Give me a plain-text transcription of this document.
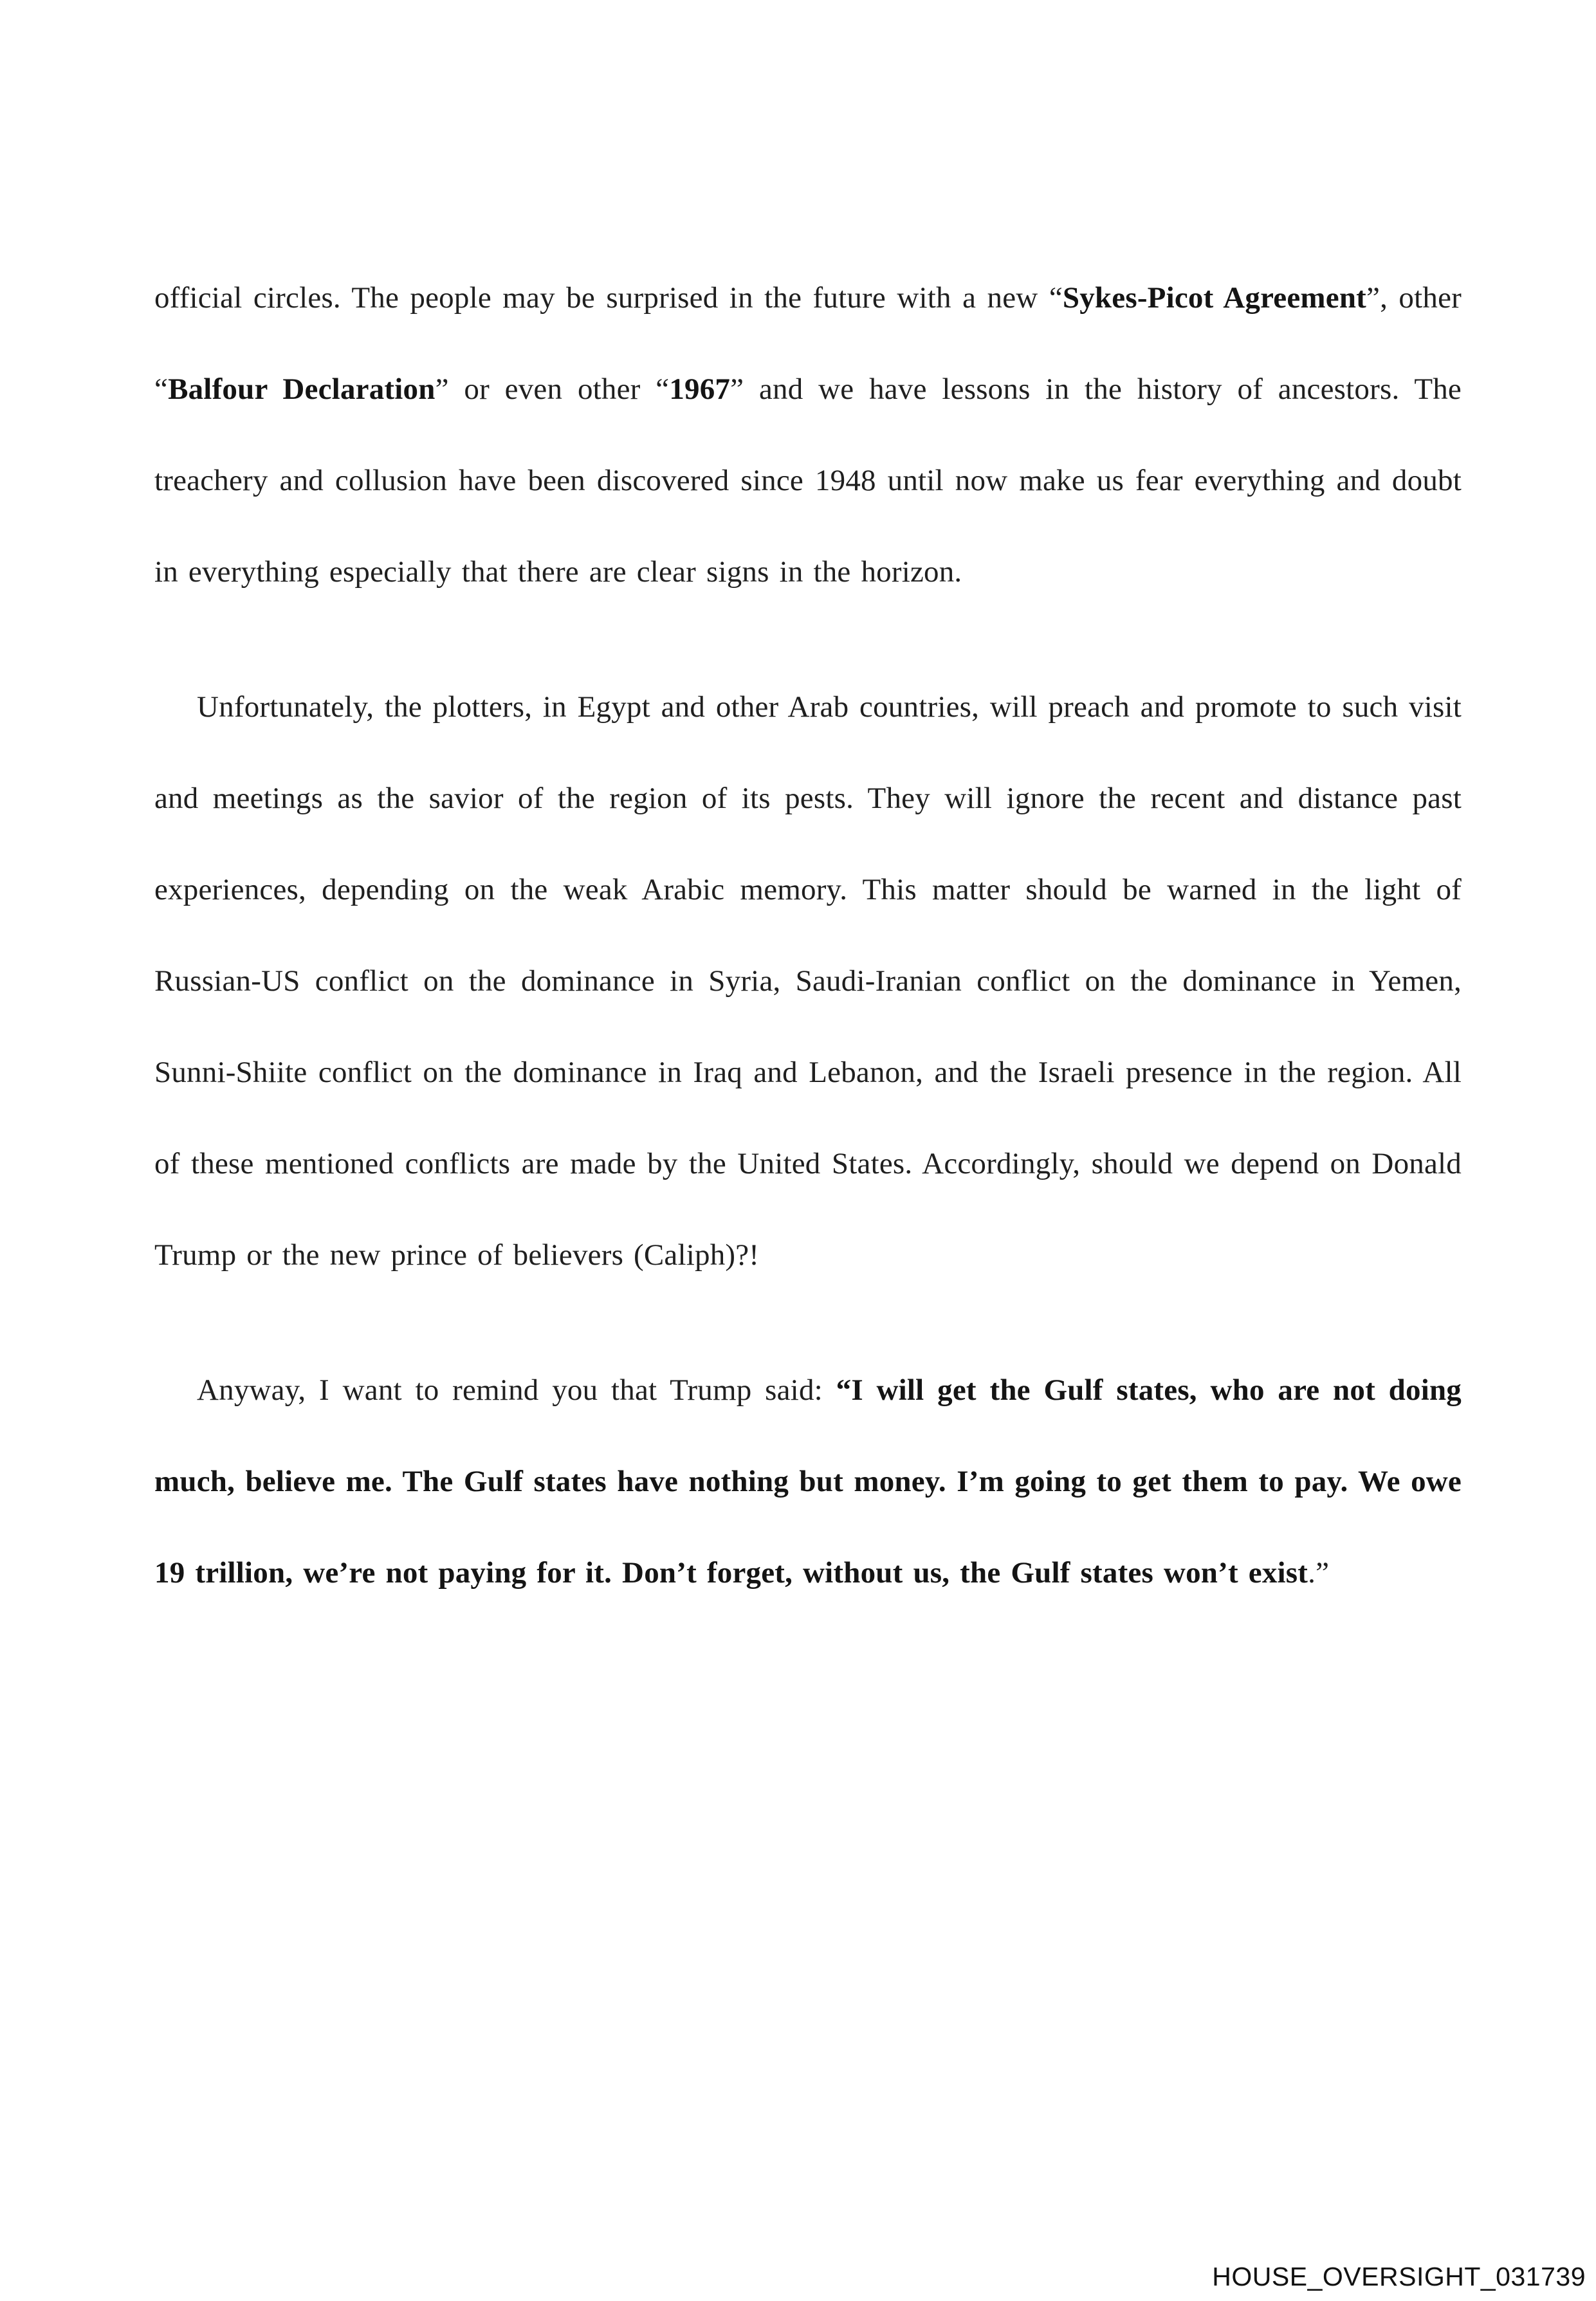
official circles. The people may be surprised in the future with a new “Sykes-Picot Agreement”, other “Balfour Declaration” or even other “1967” and we have lessons in the history of ancestors. The treachery and collusion have been discovered since 1948 until now make us fear everything and doubt in everything especially that there are clear signs in the horizon.

Unfortunately, the plotters, in Egypt and other Arab countries, will preach and promote to such visit and meetings as the savior of the region of its pests. They will ignore the recent and distance past experiences, depending on the weak Arabic memory. This matter should be warned in the light of Russian-US conflict on the dominance in Syria, Saudi-Iranian conflict on the dominance in Yemen, Sunni-Shiite conflict on the dominance in Iraq and Lebanon, and the Israeli presence in the region. All of these mentioned conflicts are made by the United States. Accordingly, should we depend on Donald Trump or the new prince of believers (Caliph)?!

Anyway, I want to remind you that Trump said: “I will get the Gulf states, who are not doing much, believe me. The Gulf states have nothing but money. I’m going to get them to pay. We owe 19 trillion, we’re not paying for it. Don’t forget, without us, the Gulf states won’t exist.”

HOUSE_OVERSIGHT_031739
